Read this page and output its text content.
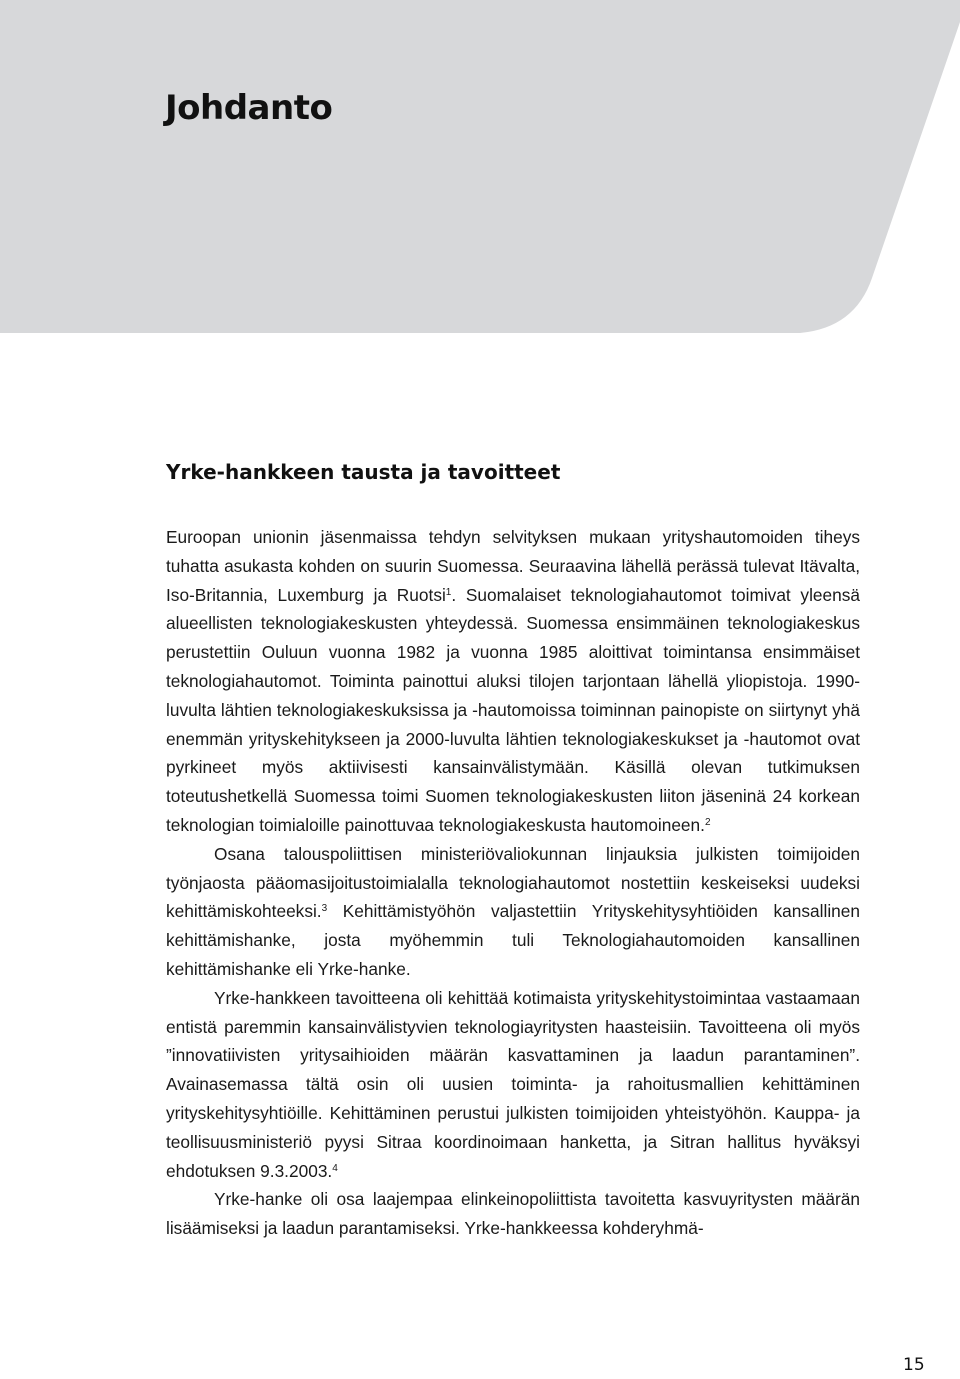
Johdanto
Yrke-hankkeen tausta ja tavoitteet

Euroopan unionin jäsenmaissa tehdyn selvityksen mukaan yrityshautomoiden tiheys tuhatta asukasta kohden on suurin Suomessa. Seuraavina lähellä perässä tulevat Itävalta, Iso-Britannia, Luxemburg ja Ruotsi$^1$. Suomalaiset teknologiahautomot toimivat yleensä alueellisten teknologiakeskusten yhteydessä. Suomessa ensimmäinen teknologiakeskus perustettiin Ouluun vuonna 1982 ja vuonna 1985 aloittivat toimintansa ensimmäiset teknologiahautomot. Toiminta painottui aluksi tilojen tarjontaan lähellä yliopistoja. 1990-luvulta lähtien teknologiakeskuksissa ja -hautomoissa toiminnan painopiste on siirtynyt yhä enemmän yrityskehitykseen ja 2000-luvulta lähtien teknologiakeskukset ja -hautomot ovat pyrkineet myös aktiivisesti kansainvälistymään. Käsillä olevan tutkimuksen toteutushetkellä Suomessa toimi Suomen teknologiakeskusten liiton jäseninä 24 korkean teknologian toimialoille painottuvaa teknologiakeskusta hautomoineen.$^2$

Osana talouspoliittisen ministeriövaliokunnan linjauksia julkisten toimijoiden työnjaosta pääomasijoitustoimialalla teknologiahautomot nostettiin keskeiseksi uudeksi kehittämiskohteeksi.$^3$ Kehittämistyöhön valjastettiin Yrityskehitysyhtiöiden kansallinen kehittämishanke, josta myöhemmin tuli Teknologiahautomoiden kansallinen kehittämishanke eli Yrke-hanke.

Yrke-hankkeen tavoitteena oli kehittää kotimaista yrityskehitystoimintaa vastaamaan entistä paremmin kansainvälistyvien teknologiayritysten haasteisiin. Tavoitteena oli myös ”innovatiivisten yritysaihioiden määrän kasvattaminen ja laadun parantaminen”. Avainasemassa tältä osin oli uusien toiminta- ja rahoitusmallien kehittäminen yrityskehitysyhtiöille. Kehittäminen perustui julkisten toimijoiden yhteistyöhön. Kauppa- ja teollisuusministeriö pyysi Sitraa koordinoimaan hanketta, ja Sitran hallitus hyväksyi ehdotuksen 9.3.2003.$^4$

Yrke-hanke oli osa laajempaa elinkeinopoliittista tavoitetta kasvuyritysten määrän lisäämiseksi ja laadun parantamiseksi. Yrke-hankkeessa kohderyhmä-

15
